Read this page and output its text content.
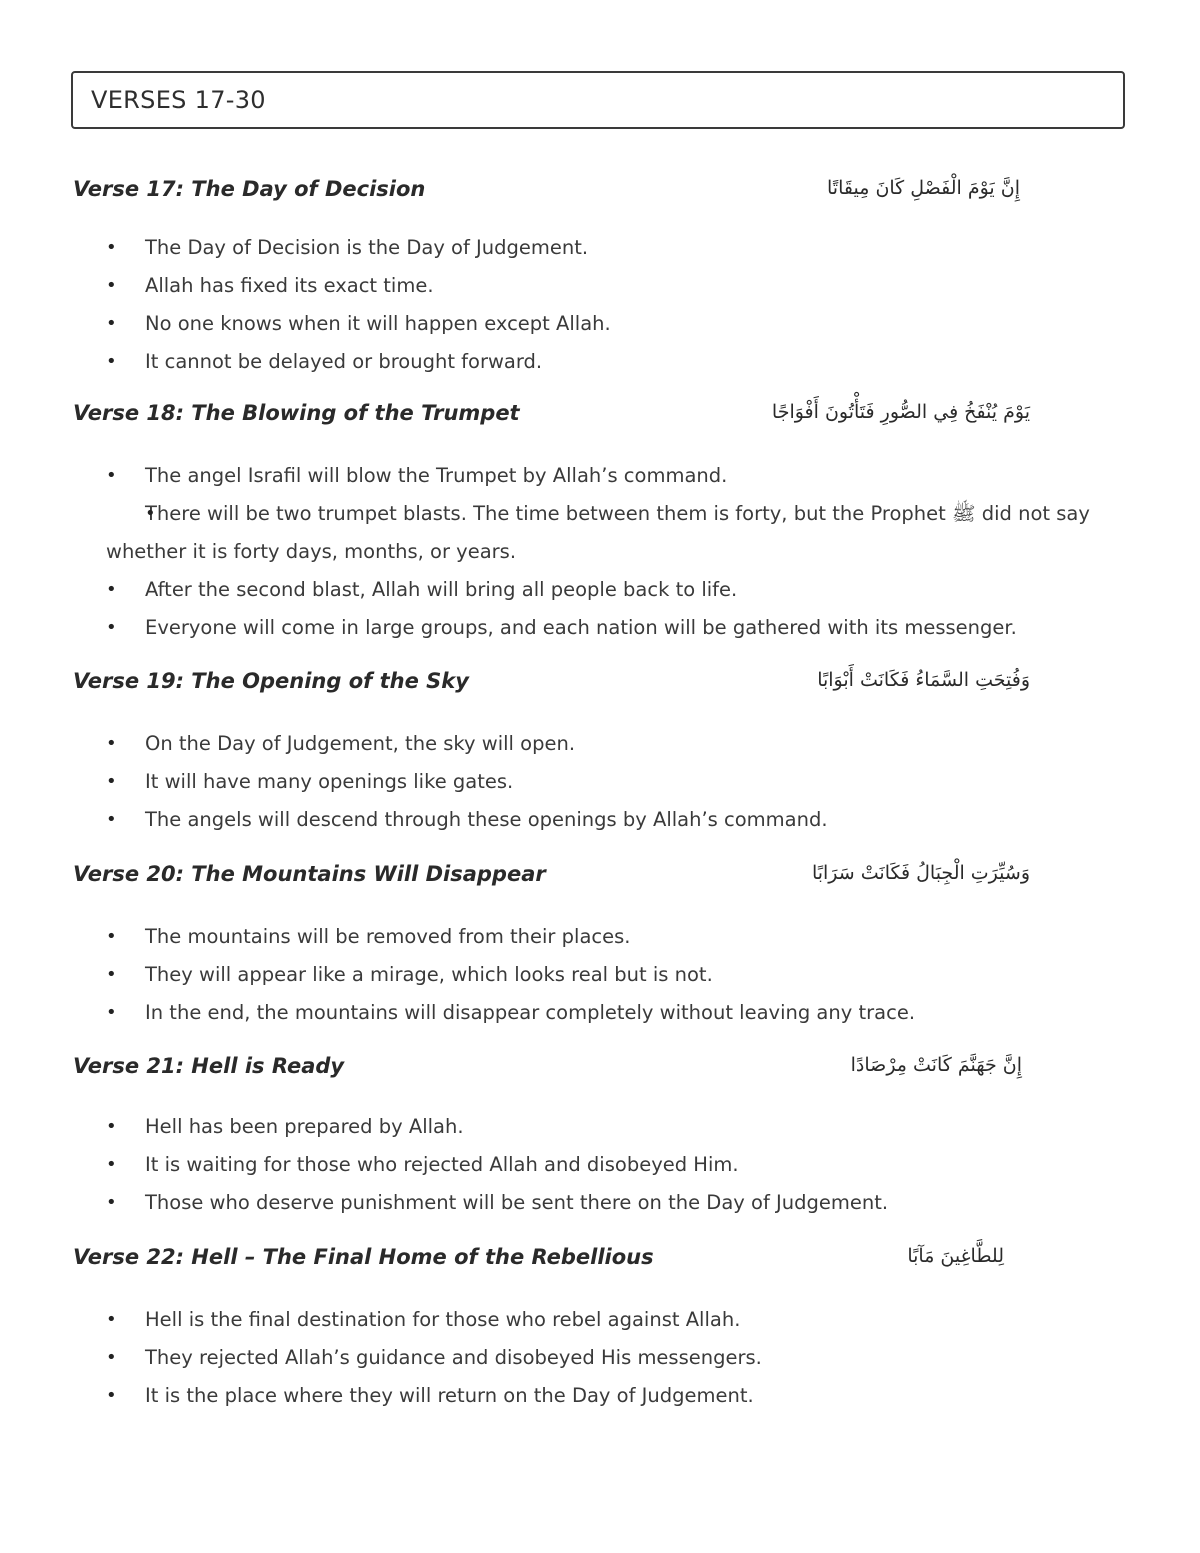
VERSES 17-30
Verse 17: The Day of Decision	إِنَّ يَوْمَ الْفَصْلِ كَانَ مِيقَاتًا
• The Day of Decision is the Day of Judgement.
• Allah has fixed its exact time.
• No one knows when it will happen except Allah.
• It cannot be delayed or brought forward.
Verse 18: The Blowing of the Trumpet	يَوْمَ يُنْفَخُ فِي الصُّورِ فَتَأْتُونَ أَفْوَاجًا
• The angel Israfil will blow the Trumpet by Allah’s command.
• There will be two trumpet blasts. The time between them is forty, but the Prophet ﷺ did not say whether it is forty days, months, or years.
• After the second blast, Allah will bring all people back to life.
• Everyone will come in large groups, and each nation will be gathered with its messenger.
Verse 19: The Opening of the Sky	وَفُتِحَتِ السَّمَاءُ فَكَانَتْ أَبْوَابًا
• On the Day of Judgement, the sky will open.
• It will have many openings like gates.
• The angels will descend through these openings by Allah’s command.
Verse 20: The Mountains Will Disappear	وَسُيِّرَتِ الْجِبَالُ فَكَانَتْ سَرَابًا
• The mountains will be removed from their places.
• They will appear like a mirage, which looks real but is not.
• In the end, the mountains will disappear completely without leaving any trace.
Verse 21: Hell is Ready	إِنَّ جَهَنَّمَ كَانَتْ مِرْصَادًا
• Hell has been prepared by Allah.
• It is waiting for those who rejected Allah and disobeyed Him.
• Those who deserve punishment will be sent there on the Day of Judgement.
Verse 22: Hell – The Final Home of the Rebellious	لِلطَّاغِينَ مَآبًا
• Hell is the final destination for those who rebel against Allah.
• They rejected Allah’s guidance and disobeyed His messengers.
• It is the place where they will return on the Day of Judgement.
